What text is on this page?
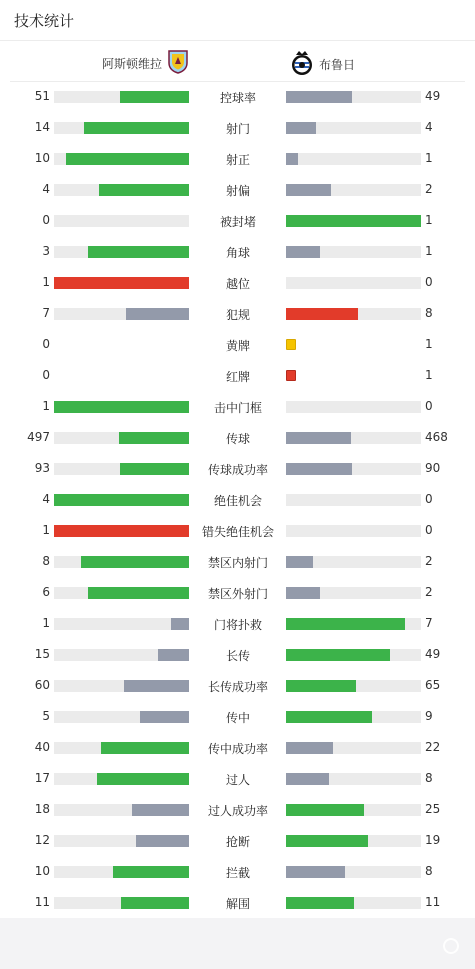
技术统计
阿斯顿维拉	布鲁日
51	控球率	49
14	射门	4
10	射正	1
4	射偏	2
0	被封堵	1
3	角球	1
1	越位	0
7	犯规	8
0	黄牌	1
0	红牌	1
1	击中门框	0
497	传球	468
93	传球成功率	90
4	绝佳机会	0
1	错失绝佳机会	0
8	禁区内射门	2
6	禁区外射门	2
1	门将扑救	7
15	长传	49
60	长传成功率	65
5	传中	9
40	传中成功率	22
17	过人	8
18	过人成功率	25
12	抢断	19
10	拦截	8
11	解围	11
